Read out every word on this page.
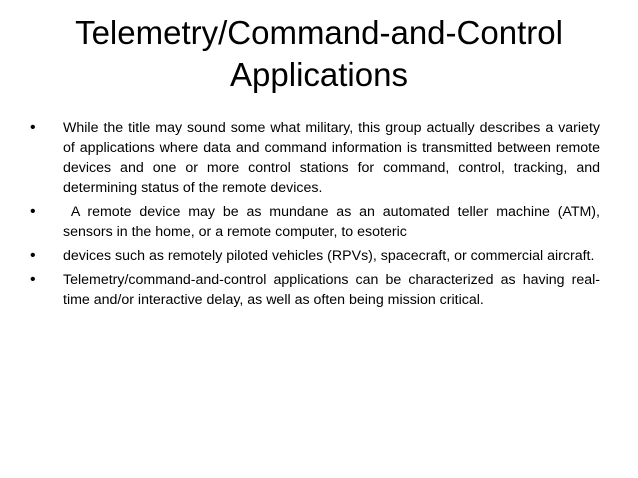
Telemetry/Command-and-Control
Applications
• While the title may sound some what military, this group actually describes a variety of applications where data and command information is transmitted between remote devices and one or more control stations for command, control, tracking, and determining status of the remote devices.
• A remote device may be as mundane as an automated teller machine (ATM), sensors in the home, or a remote computer, to esoteric
• devices such as remotely piloted vehicles (RPVs), spacecraft, or commercial aircraft.
• Telemetry/command-and-control applications can be characterized as having real-time and/or interactive delay, as well as often being mission critical.
